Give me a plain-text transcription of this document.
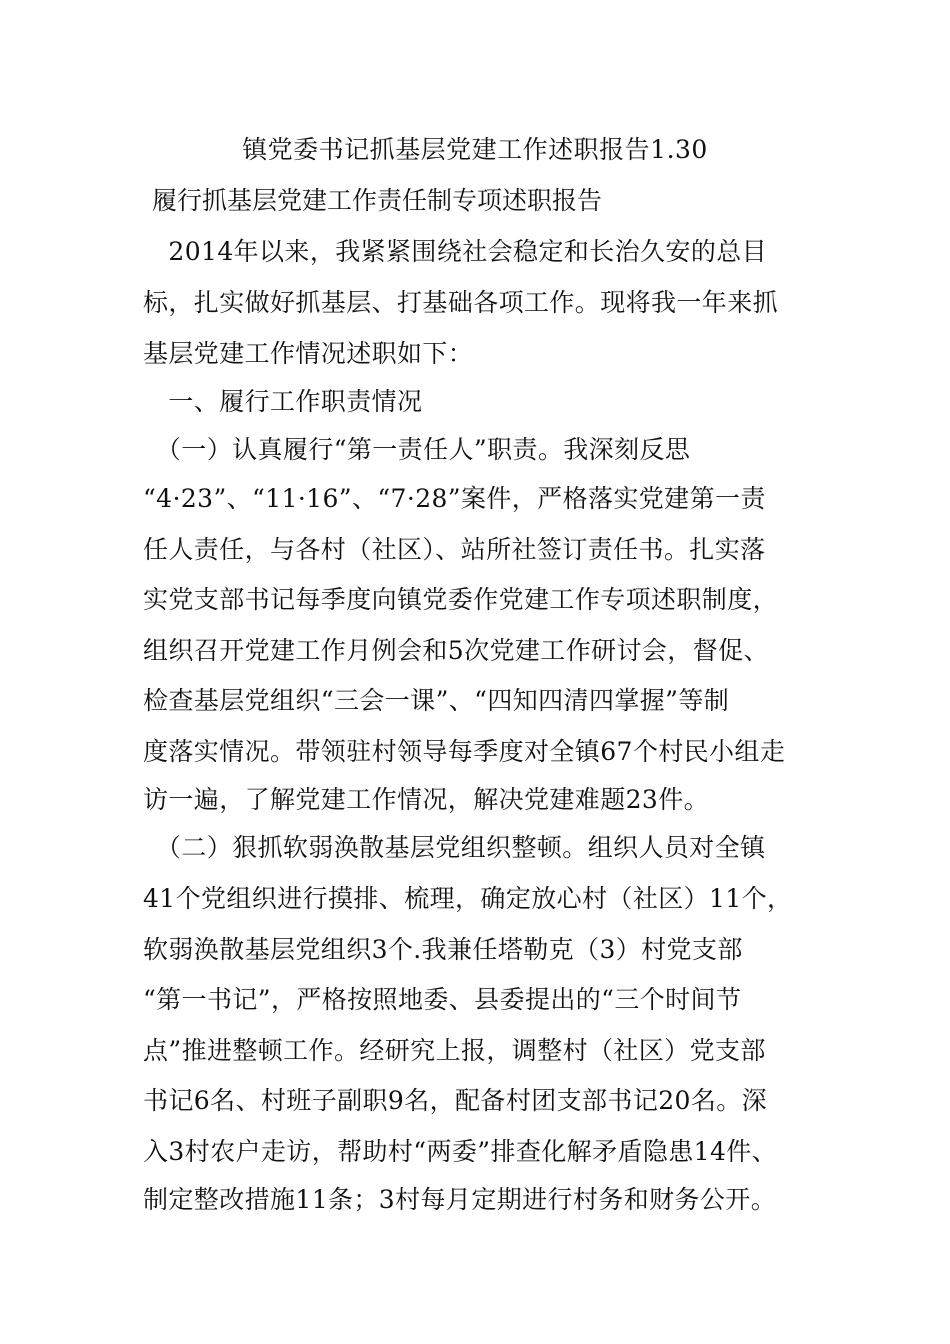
镇党委书记抓基层党建工作述职报告1.30
履行抓基层党建工作责任制专项述职报告
　2014年以来，我紧紧围绕社会稳定和长治久安的总目
标，扎实做好抓基层、打基础各项工作。现将我一年来抓
基层党建工作情况述职如下：
　一、履行工作职责情况
　（一）认真履行“第一责任人”职责。我深刻反思
“4·23”、“11·16”、“7·28”案件，严格落实党建第一责
任人责任，与各村（社区）、站所社签订责任书。扎实落
实党支部书记每季度向镇党委作党建工作专项述职制度，
组织召开党建工作月例会和5次党建工作研讨会，督促、
检查基层党组织“三会一课”、“四知四清四掌握”等制
度落实情况。带领驻村领导每季度对全镇67个村民小组走
访一遍，了解党建工作情况，解决党建难题23件。
　（二）狠抓软弱涣散基层党组织整顿。组织人员对全镇
41个党组织进行摸排、梳理，确定放心村（社区）11个，
软弱涣散基层党组织3个.我兼任塔勒克（3）村党支部
“第一书记”，严格按照地委、县委提出的“三个时间节
点”推进整顿工作。经研究上报，调整村（社区）党支部
书记6名、村班子副职9名，配备村团支部书记20名。深
入3村农户走访，帮助村“两委”排查化解矛盾隐患14件、
制定整改措施11条；3村每月定期进行村务和财务公开。
